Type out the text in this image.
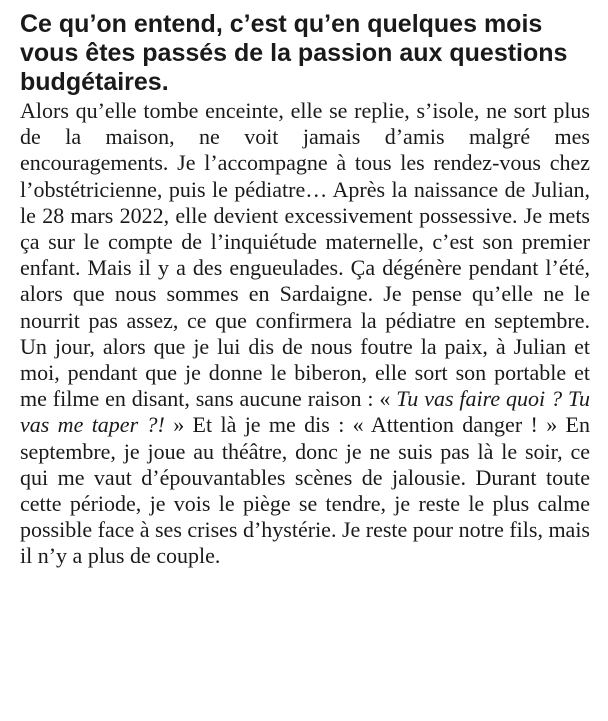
Ce qu’on entend, c’est qu’en quelques mois vous êtes passés de la passion aux questions budgétaires.

Alors qu’elle tombe enceinte, elle se replie, s’isole, ne sort plus de la maison, ne voit jamais d’amis malgré mes encouragements. Je l’accompagne à tous les rendez-vous chez l’obstétricienne, puis le pédiatre… Après la naissance de Julian, le 28 mars 2022, elle devient excessivement possessive. Je mets ça sur le compte de l’inquiétude maternelle, c’est son premier enfant. Mais il y a des engueulades. Ça dégénère pendant l’été, alors que nous sommes en Sardaigne. Je pense qu’elle ne le nourrit pas assez, ce que confirmera la pédiatre en septembre. Un jour, alors que je lui dis de nous foutre la paix, à Julian et moi, pendant que je donne le biberon, elle sort son portable et me filme en disant, sans aucune raison : « Tu vas faire quoi ? Tu vas me taper ?! » Et là je me dis : « Attention danger ! » En septembre, je joue au théâtre, donc je ne suis pas là le soir, ce qui me vaut d’épouvantables scènes de jalousie. Durant toute cette période, je vois le piège se tendre, je reste le plus calme possible face à ses crises d’hystérie. Je reste pour notre fils, mais il n’y a plus de couple.
